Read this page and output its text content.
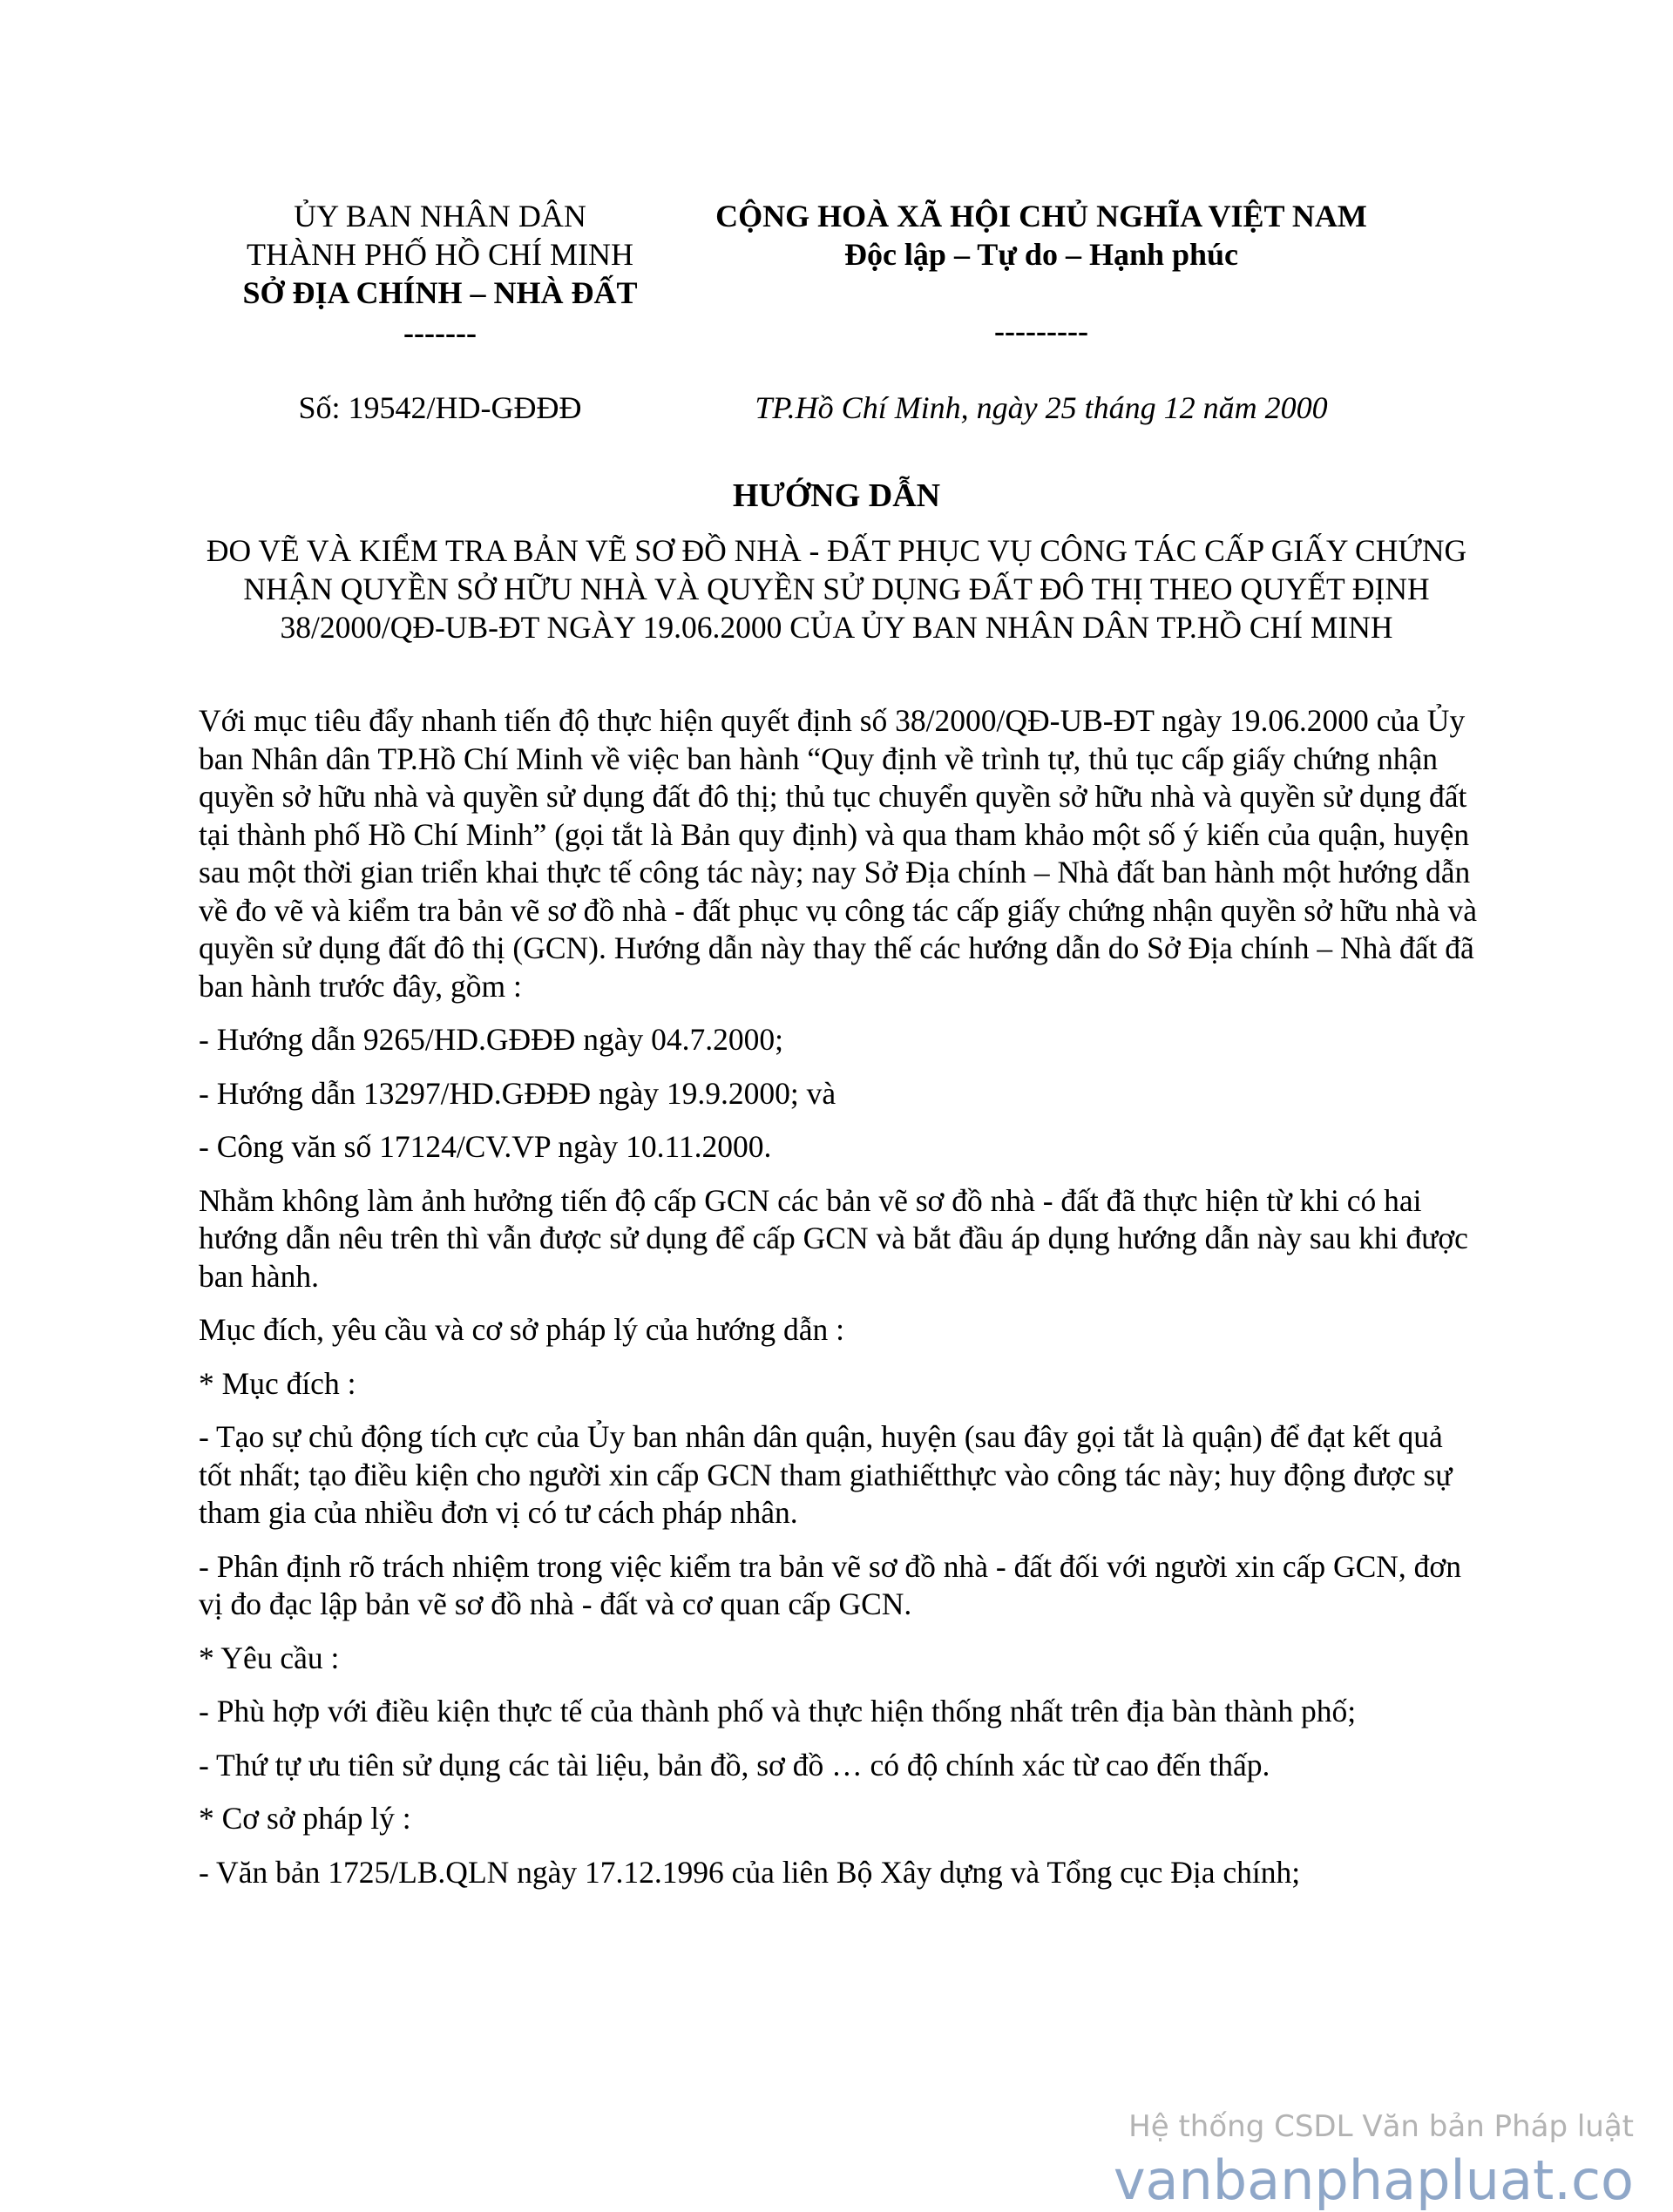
ỦY BAN NHÂN DÂN
THÀNH PHỐ HỒ CHÍ MINH
SỞ ĐỊA CHÍNH – NHÀ ĐẤT
-------
CỘNG HOÀ XÃ HỘI CHỦ NGHĨA VIỆT NAM
Độc lập – Tự do – Hạnh phúc
---------
Số: 19542/HD-GĐĐĐ	TP.Hồ Chí Minh, ngày 25 tháng 12 năm 2000
HƯỚNG DẪN
ĐO VẼ VÀ KIỂM TRA BẢN VẼ SƠ ĐỒ NHÀ - ĐẤT PHỤC VỤ CÔNG TÁC CẤP GIẤY CHỨNG NHẬN QUYỀN SỞ HỮU NHÀ VÀ QUYỀN SỬ DỤNG ĐẤT ĐÔ THỊ THEO QUYẾT ĐỊNH 38/2000/QĐ-UB-ĐT NGÀY 19.06.2000 CỦA ỦY BAN NHÂN DÂN TP.HỒ CHÍ MINH

Với mục tiêu đẩy nhanh tiến độ thực hiện quyết định số 38/2000/QĐ-UB-ĐT ngày 19.06.2000 của Ủy ban Nhân dân TP.Hồ Chí Minh về việc ban hành “Quy định về trình tự, thủ tục cấp giấy chứng nhận quyền sở hữu nhà và quyền sử dụng đất đô thị; thủ tục chuyển quyền sở hữu nhà và quyền sử dụng đất tại thành phố Hồ Chí Minh” (gọi tắt là Bản quy định) và qua tham khảo một số ý kiến của quận, huyện sau một thời gian triển khai thực tế công tác này; nay Sở Địa chính – Nhà đất ban hành một hướng dẫn về đo vẽ và kiểm tra bản vẽ sơ đồ nhà - đất phục vụ công tác cấp giấy chứng nhận quyền sở hữu nhà và quyền sử dụng đất đô thị (GCN). Hướng dẫn này thay thế các hướng dẫn do Sở Địa chính – Nhà đất đã ban hành trước đây, gồm :

- Hướng dẫn 9265/HD.GĐĐĐ ngày 04.7.2000;

- Hướng dẫn 13297/HD.GĐĐĐ ngày 19.9.2000; và

- Công văn số 17124/CV.VP ngày 10.11.2000.

Nhằm không làm ảnh hưởng tiến độ cấp GCN các bản vẽ sơ đồ nhà - đất đã thực hiện từ khi có hai hướng dẫn nêu trên thì vẫn được sử dụng để cấp GCN và bắt đầu áp dụng hướng dẫn này sau khi được ban hành.

Mục đích, yêu cầu và cơ sở pháp lý của hướng dẫn :

* Mục đích :

- Tạo sự chủ động tích cực của Ủy ban nhân dân quận, huyện (sau đây gọi tắt là quận) để đạt kết quả tốt nhất; tạo điều kiện cho người xin cấp GCN tham giathiếtthực vào công tác này; huy động được sự tham gia của nhiều đơn vị có tư cách pháp nhân.

- Phân định rõ trách nhiệm trong việc kiểm tra bản vẽ sơ đồ nhà - đất đối với người xin cấp GCN, đơn vị đo đạc lập bản vẽ sơ đồ nhà - đất và cơ quan cấp GCN.

* Yêu cầu :

- Phù hợp với điều kiện thực tế của thành phố và thực hiện thống nhất trên địa bàn thành phố;

- Thứ tự ưu tiên sử dụng các tài liệu, bản đồ, sơ đồ … có độ chính xác từ cao đến thấp.

* Cơ sở pháp lý :

- Văn bản 1725/LB.QLN ngày 17.12.1996 của liên Bộ Xây dựng và Tổng cục Địa chính;

Hệ thống CSDL Văn bản Pháp luật
vanbanphapluat.co
